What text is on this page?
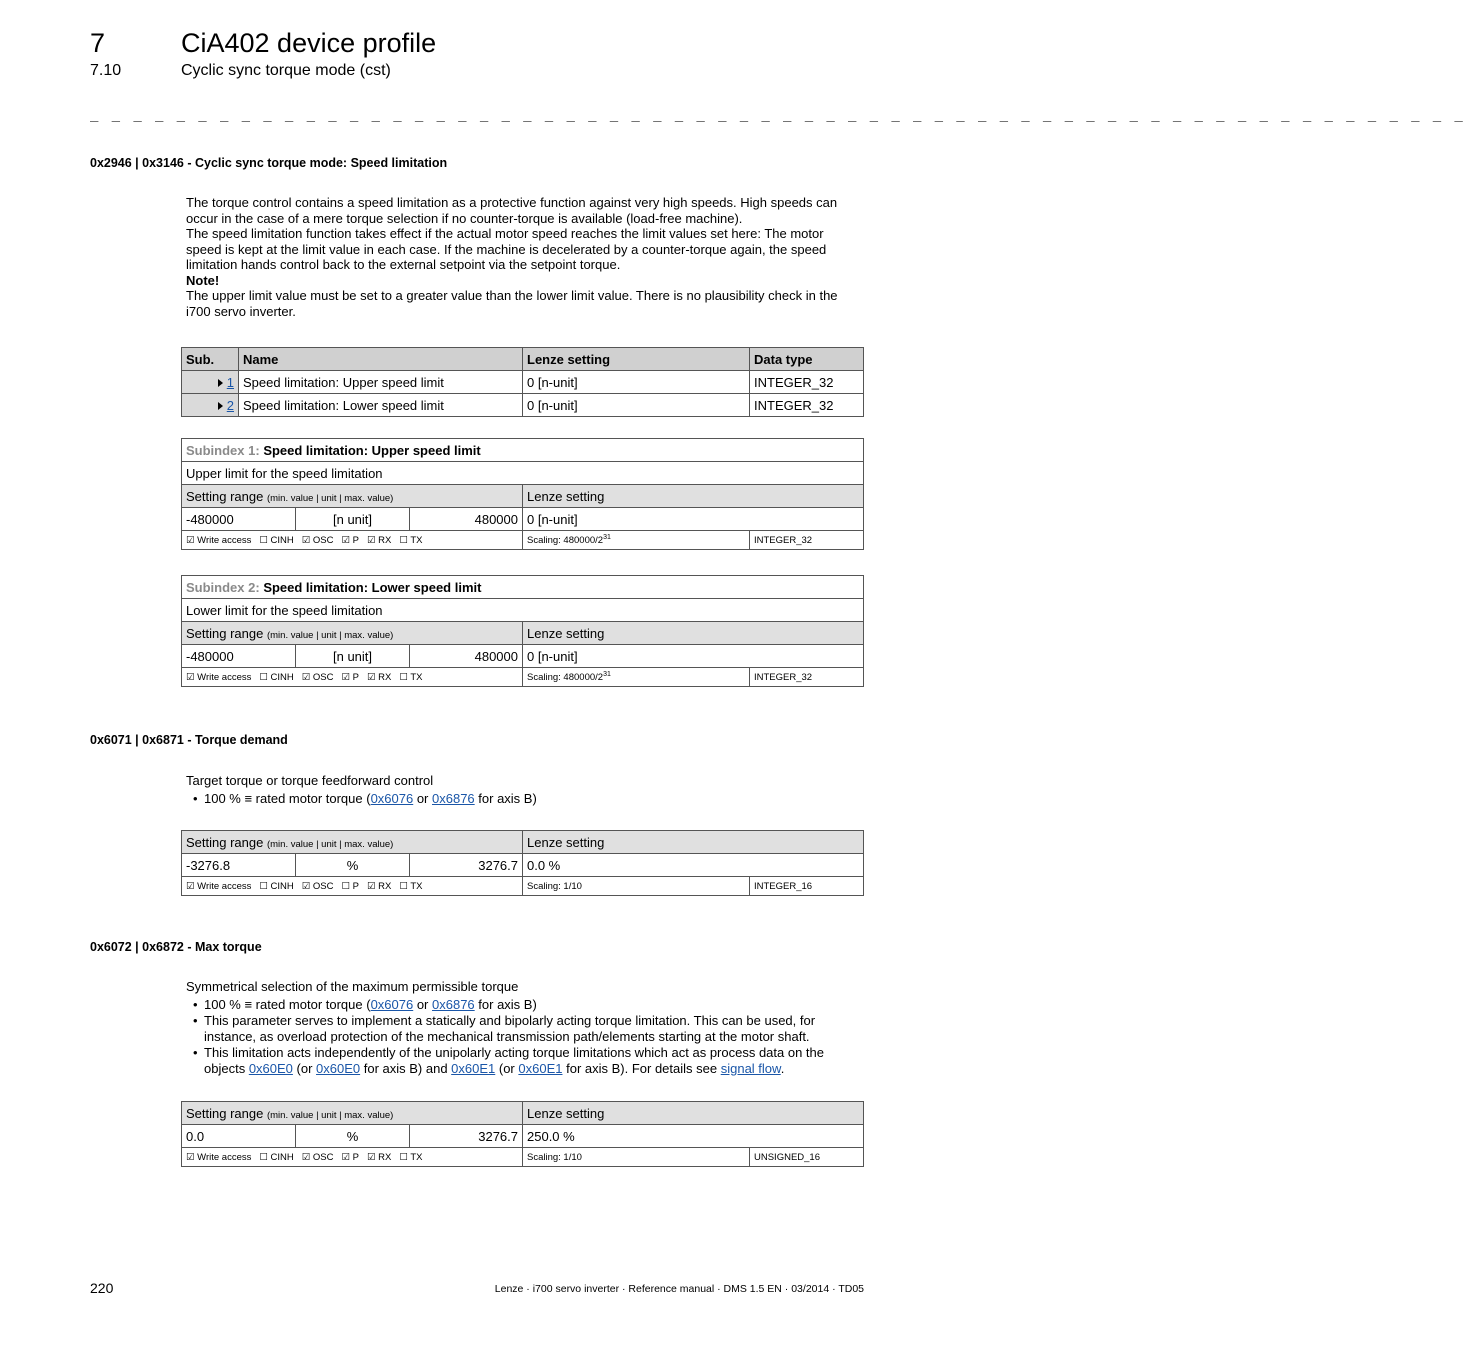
7	CiA402 device profile
7.10	Cyclic sync torque mode (cst)
_ _ _ _ _ _ _ _ _ _ _ _ _ _ _ _ _ _ _ _ _ _ _ _ _ _ _ _ _ _ _ _ _ _ _ _ _ _ _ _ _ _ _ _ _ _ _ _ _ _ _ _ _ _ _ _ _ _ _ _ _ _ _ _
0x2946 | 0x3146 - Cyclic sync torque mode: Speed limitation

The torque control contains a speed limitation as a protective function against very high speeds. High speeds can occur in the case of a mere torque selection if no counter-torque is available (load-free machine).

The speed limitation function takes effect if the actual motor speed reaches the limit values set here: The motor speed is kept at the limit value in each case. If the machine is decelerated by a counter-torque again, the speed limitation hands control back to the external setpoint via the setpoint torque.

Note!

The upper limit value must be set to a greater value than the lower limit value. There is no plausibility check in the i700 servo inverter.

Sub.	Name	Lenze setting	Data type
1	Speed limitation: Upper speed limit	0 [n-unit]	INTEGER_32
2	Speed limitation: Lower speed limit	0 [n-unit]	INTEGER_32
Subindex 1: Speed limitation: Upper speed limit				
Upper limit for the speed limitation				
Setting range (min. value | unit | max. value)			Lenze setting	
-480000	[n unit]	480000	0 [n-unit]	
☑ Write access ☐ CINH ☑ OSC ☑ P ☑ RX ☐ TX			Scaling: $480000/2^{31}$	INTEGER_32
Subindex 2: Speed limitation: Lower speed limit				
Lower limit for the speed limitation				
Setting range (min. value | unit | max. value)			Lenze setting	
-480000	[n unit]	480000	0 [n-unit]	
☑ Write access ☐ CINH ☑ OSC ☑ P ☑ RX ☐ TX			Scaling: $480000/2^{31}$	INTEGER_32
0x6071 | 0x6871 - Torque demand

Target torque or torque feedforward control

• 100 % ≡ rated motor torque (0x6076 or 0x6876 for axis B)
Setting range (min. value | unit | max. value)			Lenze setting	
-3276.8	%	3276.7	0.0 %	
☑ Write access ☐ CINH ☑ OSC ☐ P ☑ RX ☐ TX			Scaling: 1/10	INTEGER_16
0x6072 | 0x6872 - Max torque

Symmetrical selection of the maximum permissible torque

• 100 % ≡ rated motor torque (0x6076 or 0x6876 for axis B)
• This parameter serves to implement a statically and bipolarly acting torque limitation. This can be used, for instance, as overload protection of the mechanical transmission path/elements starting at the motor shaft.
• This limitation acts independently of the unipolarly acting torque limitations which act as process data on the objects 0x60E0 (or 0x60E0 for axis B) and 0x60E1 (or 0x60E1 for axis B). For details see signal flow.
Setting range (min. value | unit | max. value)			Lenze setting	
0.0	%	3276.7	250.0 %	
☑ Write access ☐ CINH ☑ OSC ☑ P ☑ RX ☐ TX			Scaling: 1/10	UNSIGNED_16
220	Lenze · i700 servo inverter · Reference manual · DMS 1.5 EN · 03/2014 · TD05
